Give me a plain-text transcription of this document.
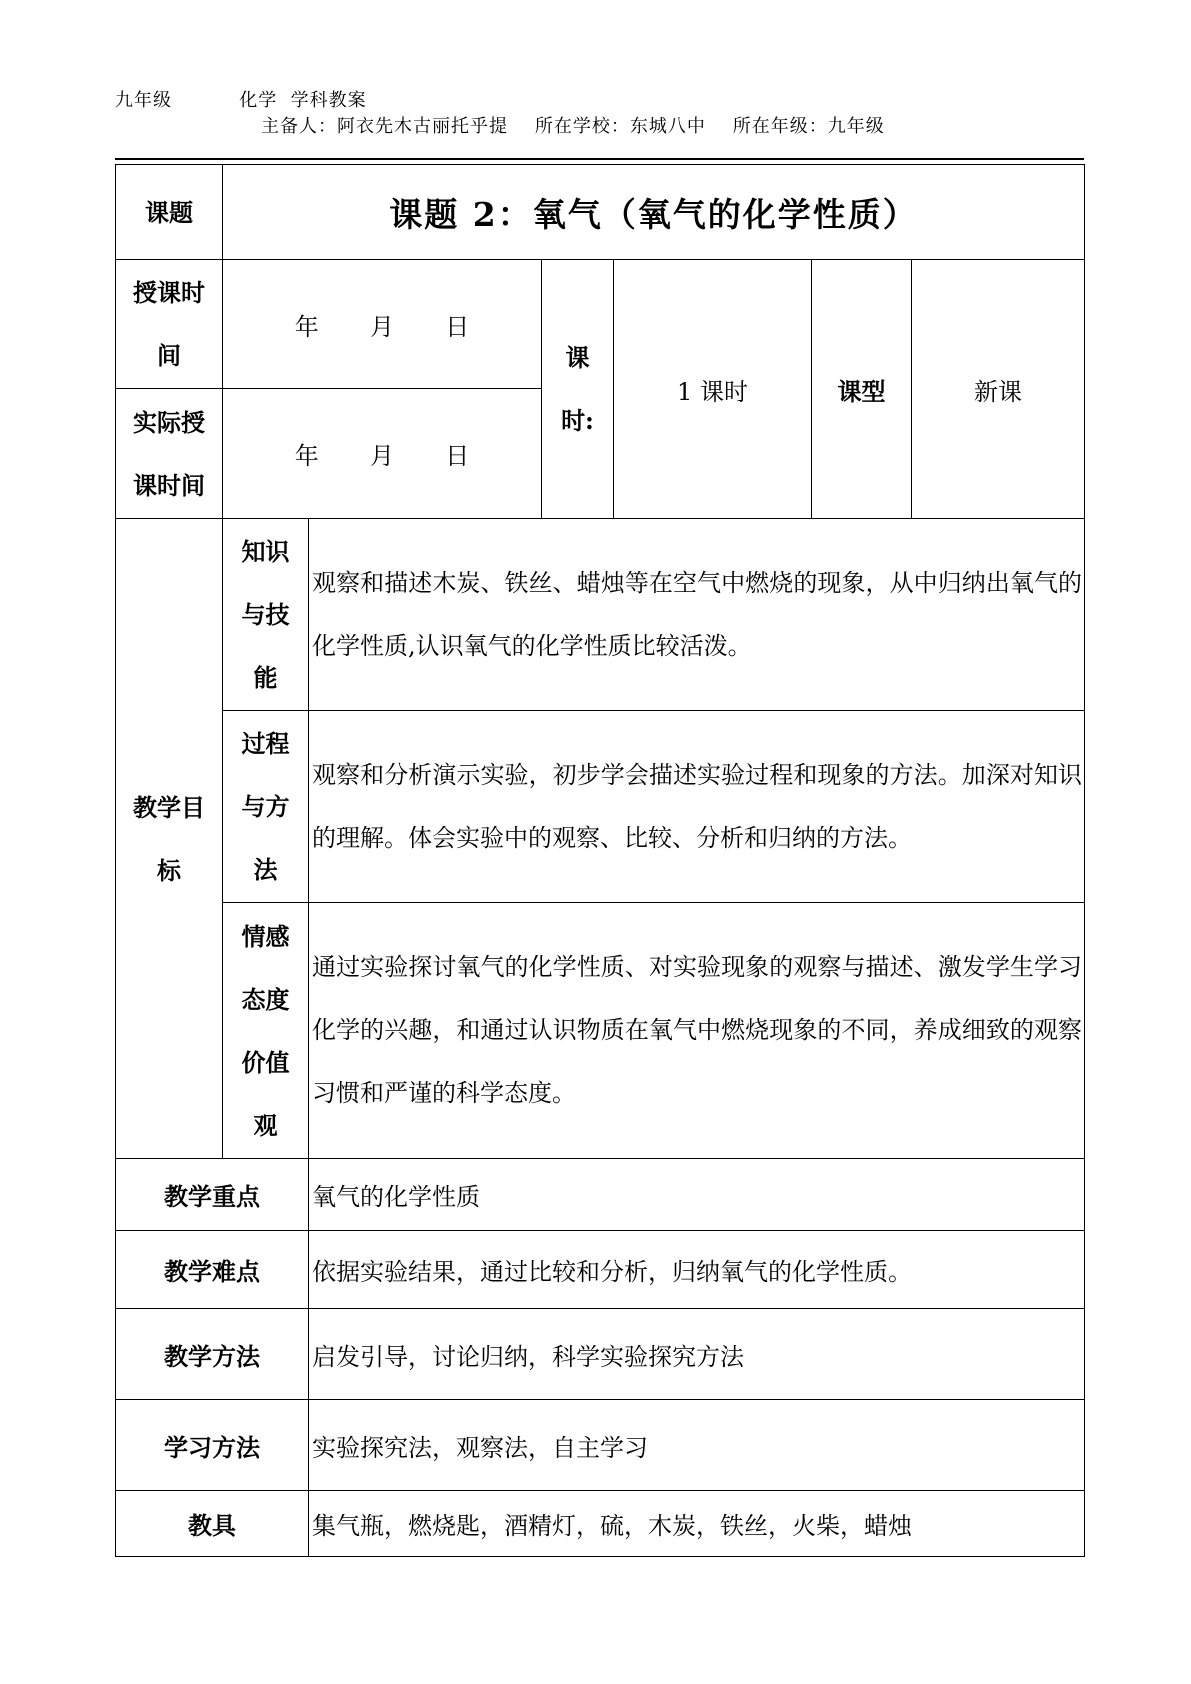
九年级          化学  学科教案
主备人：阿衣先木古丽托乎提    所在学校：东城八中    所在年级：九年级
课题	课题 2：氧气（氧气的化学性质）					
授课时间	年  月  日		课时:	1 课时	课型	新课
实际授课时间	年  月  日					
教学目标	知识与技能	观察和描述木炭、铁丝、蜡烛等在空气中燃烧的现象，从中归纳出氧气的化学性质,认识氧气的化学性质比较活泼。				
	过程与方法	观察和分析演示实验，初步学会描述实验过程和现象的方法。加深对知识的理解。体会实验中的观察、比较、分析和归纳的方法。				
	情感态度价值观	通过实验探讨氧气的化学性质、对实验现象的观察与描述、激发学生学习化学的兴趣，和通过认识物质在氧气中燃烧现象的不同，养成细致的观察习惯和严谨的科学态度。				
教学重点		氧气的化学性质				
教学难点		依据实验结果，通过比较和分析，归纳氧气的化学性质。				
教学方法		启发引导，讨论归纳，科学实验探究方法				
学习方法		实验探究法，观察法，自主学习				
教具		集气瓶，燃烧匙，酒精灯，硫，木炭，铁丝，火柴，蜡烛				
